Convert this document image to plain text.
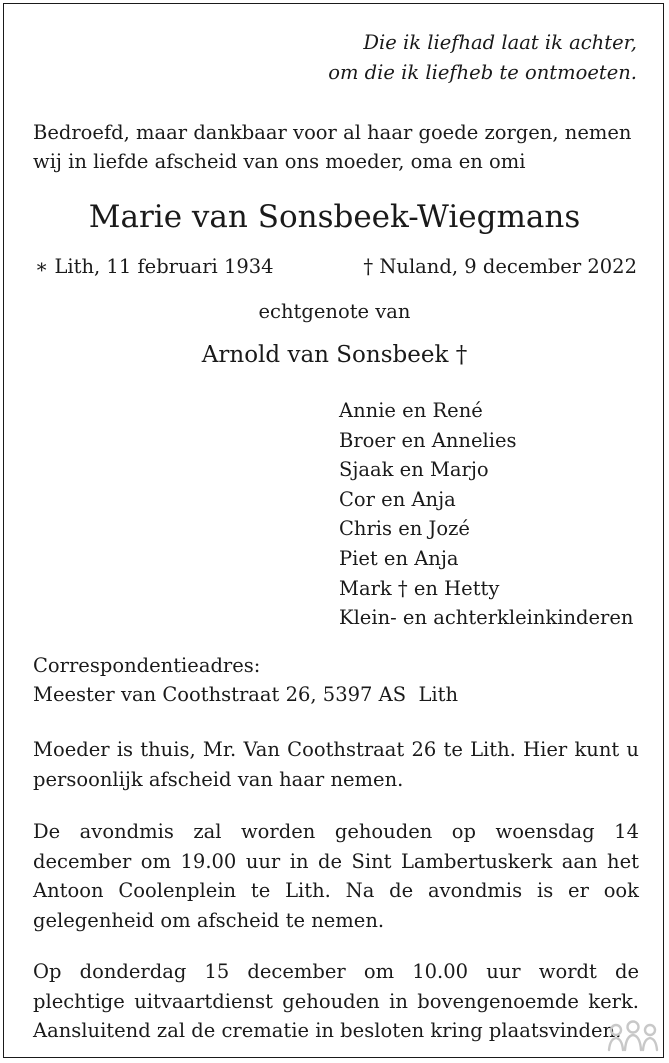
Die ik liefhad laat ik achter,
om die ik liefheb te ontmoeten.
Bedroefd, maar dankbaar voor al haar goede zorgen, nemen
wij in liefde afscheid van ons moeder, oma en omi
Marie van Sonsbeek-Wiegmans
∗ Lith, 11 februari 1934	† Nuland, 9 december 2022
echtgenote van
Arnold van Sonsbeek †
Annie en René
Broer en Annelies
Sjaak en Marjo
Cor en Anja
Chris en Jozé
Piet en Anja
Mark † en Hetty
Klein- en achterkleinkinderen
Correspondentieadres:
Meester van Coothstraat 26, 5397 AS  Lith
Moeder is thuis, Mr. Van Coothstraat 26 te Lith. Hier kunt u persoonlijk afscheid van haar nemen.
De avondmis zal worden gehouden op woensdag 14 december om 19.00 uur in de Sint Lambertuskerk aan het Antoon Coolenplein te Lith. Na de avondmis is er ook gelegenheid om afscheid te nemen.
Op donderdag 15 december om 10.00 uur wordt de plechtige uitvaartdienst gehouden in bovengenoemde kerk. Aansluitend zal de crematie in besloten kring plaatsvinden.
